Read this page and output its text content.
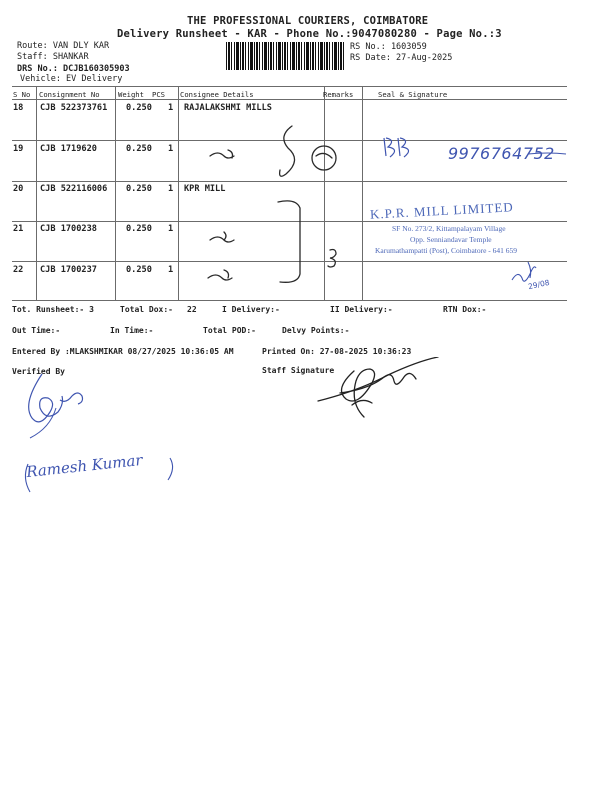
THE PROFESSIONAL COURIERS, COIMBATORE
Delivery Runsheet - KAR - Phone No.:9047080280 - Page No.:3
Route: VAN DLY KAR
Staff: SHANKAR
DRS No.: DCJB160305903
Vehicle: EV Delivery
RS No.: 1603059
RS Date: 27-Aug-2025
S No Consignment No	Weight PCS Consignee Details	Remarks	Seal & Signature
18 CJB 522373761 0.250 1 RAJALAKSHMI MILLS
19 CJB 1719620	0.250 1
20 CJB 522116006 0.250 1 KPR MILL
21 CJB 1700238	0.250 1
22 CJB 1700237	0.250 1
9976764752
K.P.R. MILL LIMITED
SF No. 273/2, Kittampalayam Village
Opp. Senniandavar Temple
Karumathampatti (Post), Coimbatore - 641 659
29/08
Tot. Runsheet:- 3	Total Dox:- 22	I Delivery:-	II Delivery:-	RTN Dox:-
Out Time:-	In Time:-	Total POD:-	Delvy Points:-
Entered By :MLAKSHMIKAR 08/27/2025 10:36:05 AM	Printed On: 27-08-2025 10:36:23
Verified By	Staff Signature
Ramesh Kumar
